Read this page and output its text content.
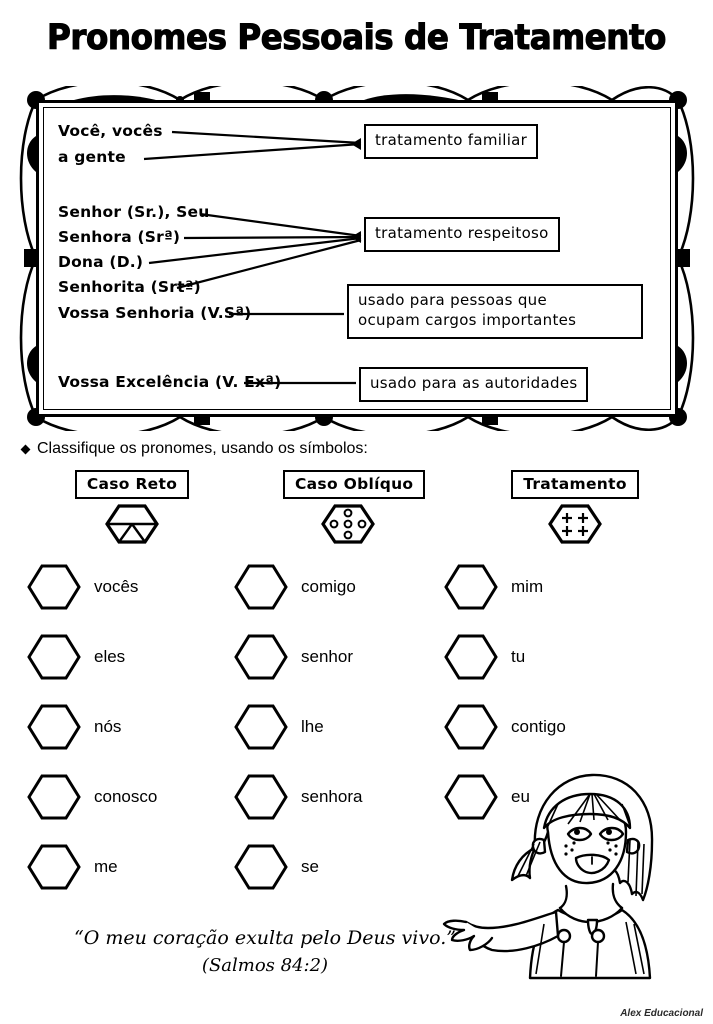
Pronomes Pessoais de Tratamento
Você, vocês
a gente
Senhor (Sr.), Seu
Senhora (Srª)
Dona (D.)
Senhorita (Srtª)
Vossa Senhoria (V.Sª)
Vossa Excelência (V. Exª)
tratamento familiar
tratamento respeitoso
usado para pessoas que
ocupam cargos importantes
usado para as autoridades
Classifique os pronomes, usando os símbolos:
Caso Reto	Caso Oblíquo	Tratamento
vocês
eles
nós
conosco
me
comigo
senhor
lhe
senhora
se
mim
tu
contigo
eu
“O meu coração exulta pelo Deus vivo.”
(Salmos 84:2)
Alex Educacional
